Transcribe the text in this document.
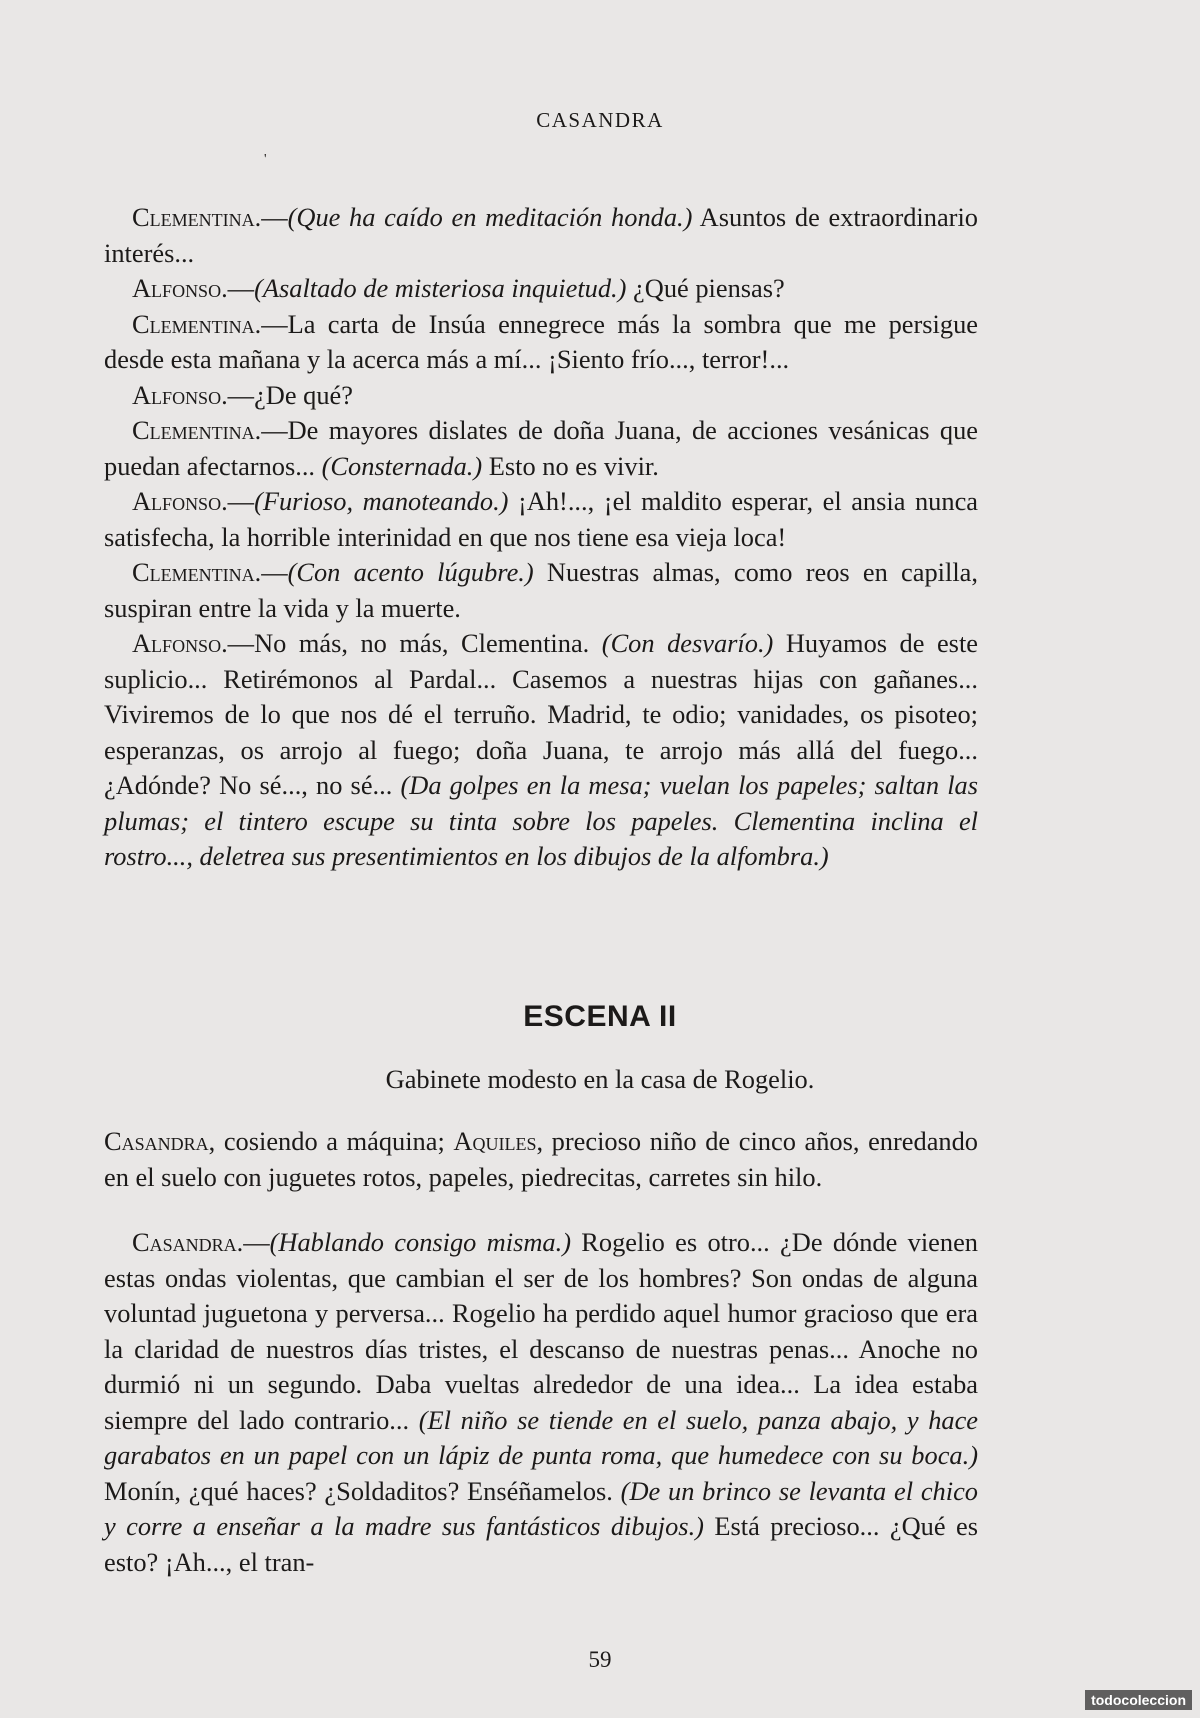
CASANDRA
'

Clementina.—(Que ha caído en meditación honda.) Asuntos de extraordinario interés...

Alfonso.—(Asaltado de misteriosa inquietud.) ¿Qué piensas?

Clementina.—La carta de Insúa ennegrece más la sombra que me persigue desde esta mañana y la acerca más a mí... ¡Siento frío..., terror!...

Alfonso.—¿De qué?

Clementina.—De mayores dislates de doña Juana, de acciones vesánicas que puedan afectarnos... (Consternada.) Esto no es vivir.

Alfonso.—(Furioso, manoteando.) ¡Ah!..., ¡el maldito esperar, el ansia nunca satisfecha, la horrible interinidad en que nos tiene esa vieja loca!

Clementina.—(Con acento lúgubre.) Nuestras almas, como reos en capilla, suspiran entre la vida y la muerte.

Alfonso.—No más, no más, Clementina. (Con desvarío.) Huyamos de este suplicio... Retirémonos al Pardal... Casemos a nuestras hijas con gañanes... Viviremos de lo que nos dé el terruño. Madrid, te odio; vanidades, os pisoteo; esperanzas, os arrojo al fuego; doña Juana, te arrojo más allá del fuego... ¿Adónde? No sé..., no sé... (Da golpes en la mesa; vuelan los papeles; saltan las plumas; el tintero escupe su tinta sobre los papeles. Clementina inclina el rostro..., deletrea sus presentimientos en los dibujos de la alfombra.)

ESCENA II
Gabinete modesto en la casa de Rogelio.

Casandra, cosiendo a máquina; Aquiles, precioso niño de cinco años, enredando en el suelo con juguetes rotos, papeles, piedrecitas, carretes sin hilo.

Casandra.—(Hablando consigo misma.) Rogelio es otro... ¿De dónde vienen estas ondas violentas, que cambian el ser de los hombres? Son ondas de alguna voluntad juguetona y perversa... Rogelio ha perdido aquel humor gracioso que era la claridad de nuestros días tristes, el descanso de nuestras penas... Anoche no durmió ni un segundo. Daba vueltas alrededor de una idea... La idea estaba siempre del lado contrario... (El niño se tiende en el suelo, panza abajo, y hace garabatos en un papel con un lápiz de punta roma, que humedece con su boca.) Monín, ¿qué haces? ¿Soldaditos? Enséñamelos. (De un brinco se levanta el chico y corre a enseñar a la madre sus fantásticos dibujos.) Está precioso... ¿Qué es esto? ¡Ah..., el tran-

59
todocoleccion
